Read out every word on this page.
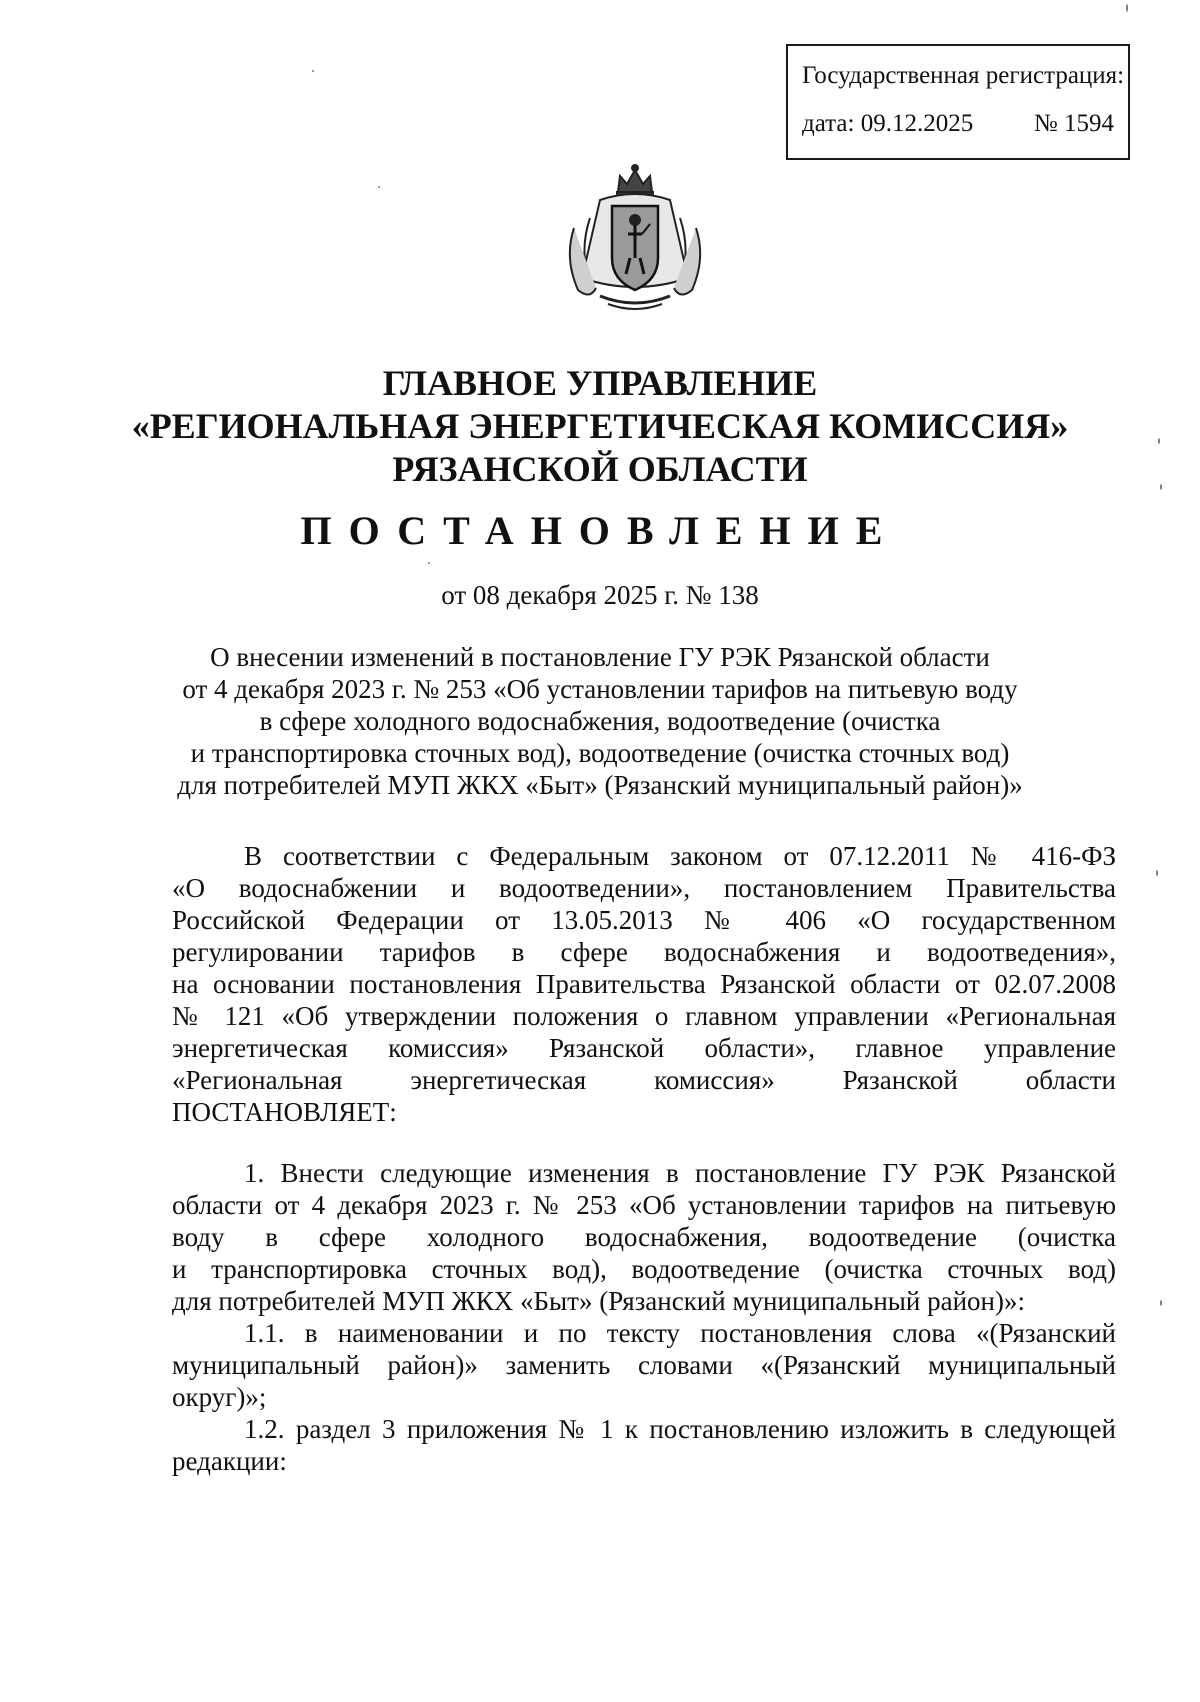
Государственная регистрация:
дата: 09.12.2025 № 1594
ГЛАВНОЕ УПРАВЛЕНИЕ
«РЕГИОНАЛЬНАЯ ЭНЕРГЕТИЧЕСКАЯ КОМИССИЯ»
РЯЗАНСКОЙ ОБЛАСТИ
ПОСТАНОВЛЕНИЕ
от 08 декабря 2025 г. № 138
О внесении изменений в постановление ГУ РЭК Рязанской области
от 4 декабря 2023 г. № 253 «Об установлении тарифов на питьевую воду
в сфере холодного водоснабжения, водоотведение (очистка
и транспортировка сточных вод), водоотведение (очистка сточных вод)
для потребителей МУП ЖКХ «Быт» (Рязанский муниципальный район)»
В соответствии с Федеральным законом от 07.12.2011 № 416-ФЗ
«О водоснабжении и водоотведении», постановлением Правительства
Российской Федерации от 13.05.2013 № 406 «О государственном
регулировании тарифов в сфере водоснабжения и водоотведения»,
на основании постановления Правительства Рязанской области от 02.07.2008
№ 121 «Об утверждении положения о главном управлении «Региональная
энергетическая комиссия» Рязанской области», главное управление
«Региональная энергетическая комиссия» Рязанской области
ПОСТАНОВЛЯЕТ:
1. Внести следующие изменения в постановление ГУ РЭК Рязанской
области от 4 декабря 2023 г. № 253 «Об установлении тарифов на питьевую
воду в сфере холодного водоснабжения, водоотведение (очистка
и транспортировка сточных вод), водоотведение (очистка сточных вод)
для потребителей МУП ЖКХ «Быт» (Рязанский муниципальный район)»:
1.1. в наименовании и по тексту постановления слова «(Рязанский
муниципальный район)» заменить словами «(Рязанский муниципальный
округ)»;
1.2. раздел 3 приложения № 1 к постановлению изложить в следующей
редакции:
